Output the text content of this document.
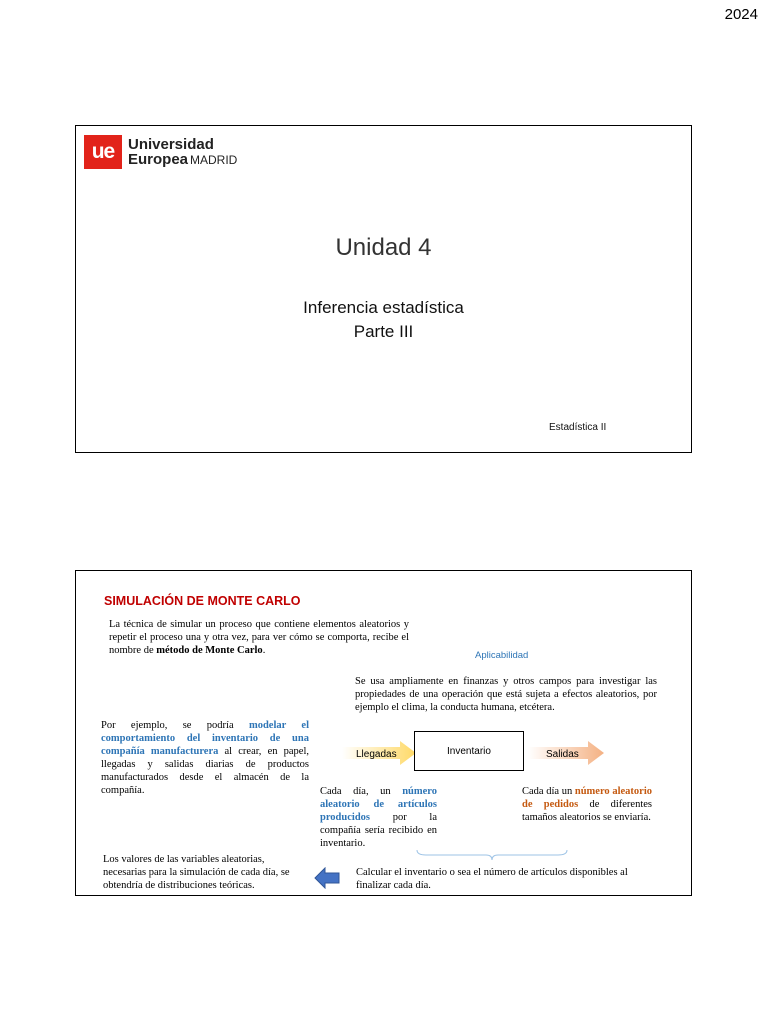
2024
ue Universidad
Europea MADRID
Unidad 4
Inferencia estadística
Parte III
Estadística II
SIMULACIÓN DE MONTE CARLO
La técnica de simular un proceso que contiene elementos aleatorios y repetir el proceso una y otra vez, para ver cómo se comporta, recibe el nombre de método de Monte Carlo.	Aplicabilidad
Se usa ampliamente en finanzas y otros campos para investigar las propiedades de una operación que está sujeta a efectos aleatorios, por ejemplo el clima, la conducta humana, etcétera.
Por ejemplo, se podría modelar el comportamiento del inventario de una compañía manufacturera al crear, en papel, llegadas y salidas diarias de productos manufacturados desde el almacén de la compañía.
Llegadas	Inventario	Salidas
Cada día, un número aleatorio de artículos producidos por la compañía sería recibido en inventario.
Cada día un número aleatorio de pedidos de diferentes tamaños aleatorios se enviaría.
Los valores de las variables aleatorias, necesarias para la simulación de cada día, se obtendría de distribuciones teóricas.
Calcular el inventario o sea el número de artículos disponibles al finalizar cada día.
